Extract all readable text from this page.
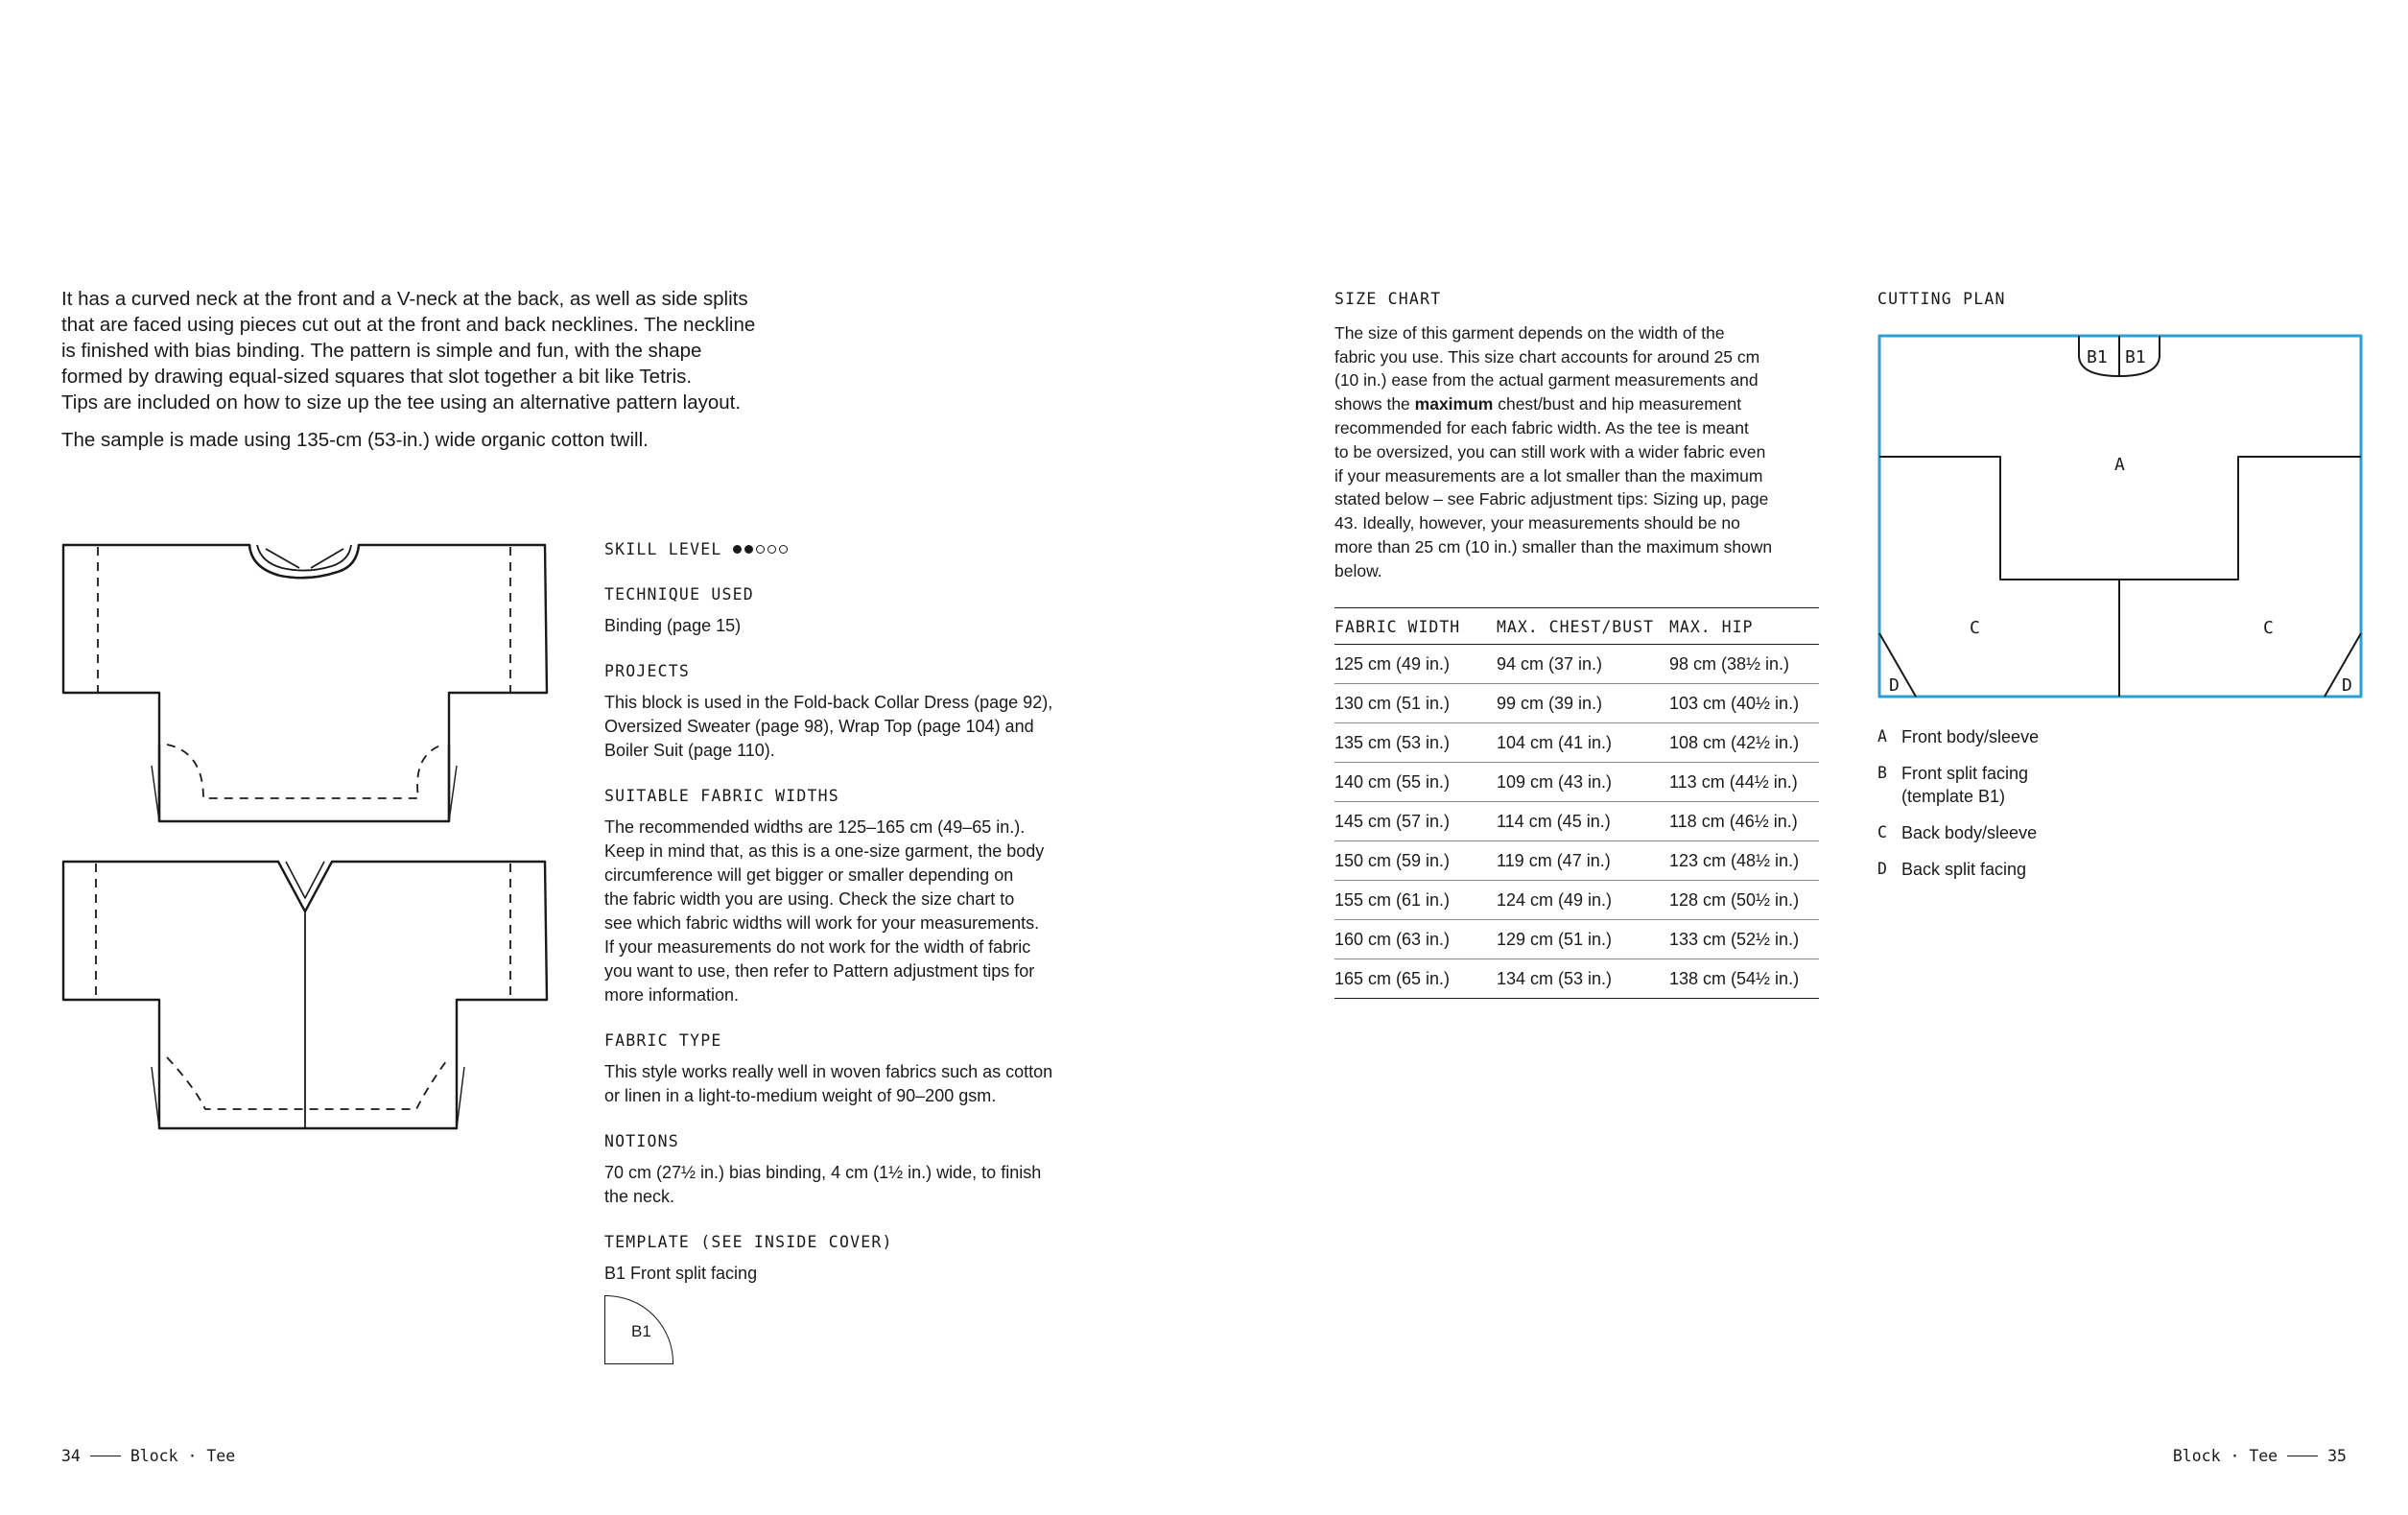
It has a curved neck at the front and a V-neck at the back, as well as side splits
that are faced using pieces cut out at the front and back necklines. The neckline
is finished with bias binding. The pattern is simple and fun, with the shape
formed by drawing equal-sized squares that slot together a bit like Tetris.
Tips are included on how to size up the tee using an alternative pattern layout.

The sample is made using 135-cm (53-in.) wide organic cotton twill.

SKILL LEVEL
TECHNIQUE USED

Binding (page 15)

PROJECTS

This block is used in the Fold-back Collar Dress (page 92),
Oversized Sweater (page 98), Wrap Top (page 104) and
Boiler Suit (page 110).

SUITABLE FABRIC WIDTHS

The recommended widths are 125–165 cm (49–65 in.).
Keep in mind that, as this is a one-size garment, the body
circumference will get bigger or smaller depending on
the fabric width you are using. Check the size chart to
see which fabric widths will work for your measurements.
If your measurements do not work for the width of fabric
you want to use, then refer to Pattern adjustment tips for
more information.

FABRIC TYPE

This style works really well in woven fabrics such as cotton
or linen in a light-to-medium weight of 90–200 gsm.

NOTIONS

70 cm (27½ in.) bias binding, 4 cm (1½ in.) wide, to finish
the neck.

TEMPLATE (SEE INSIDE COVER)

B1 Front split facing

B1
SIZE CHART

The size of this garment depends on the width of the
fabric you use. This size chart accounts for around 25 cm
(10 in.) ease from the actual garment measurements and
shows the maximum chest/bust and hip measurement
recommended for each fabric width. As the tee is meant
to be oversized, you can still work with a wider fabric even
if your measurements are a lot smaller than the maximum
stated below – see Fabric adjustment tips: Sizing up, page
43. Ideally, however, your measurements should be no
more than 25 cm (10 in.) smaller than the maximum shown
below.

FABRIC WIDTH	MAX. CHEST/BUST	MAX. HIP
125 cm (49 in.)	94 cm (37 in.)	98 cm (38½ in.)
130 cm (51 in.)	99 cm (39 in.)	103 cm (40½ in.)
135 cm (53 in.)	104 cm (41 in.)	108 cm (42½ in.)
140 cm (55 in.)	109 cm (43 in.)	113 cm (44½ in.)
145 cm (57 in.)	114 cm (45 in.)	118 cm (46½ in.)
150 cm (59 in.)	119 cm (47 in.)	123 cm (48½ in.)
155 cm (61 in.)	124 cm (49 in.)	128 cm (50½ in.)
160 cm (63 in.)	129 cm (51 in.)	133 cm (52½ in.)
165 cm (65 in.)	134 cm (53 in.)	138 cm (54½ in.)
CUTTING PLAN
B1 B1
A
C	C
D	D
A Front body/sleeve
B Front split facing (template B1)
C Back body/sleeve
D Back split facing
34	Block · Tee	Block · Tee	35
